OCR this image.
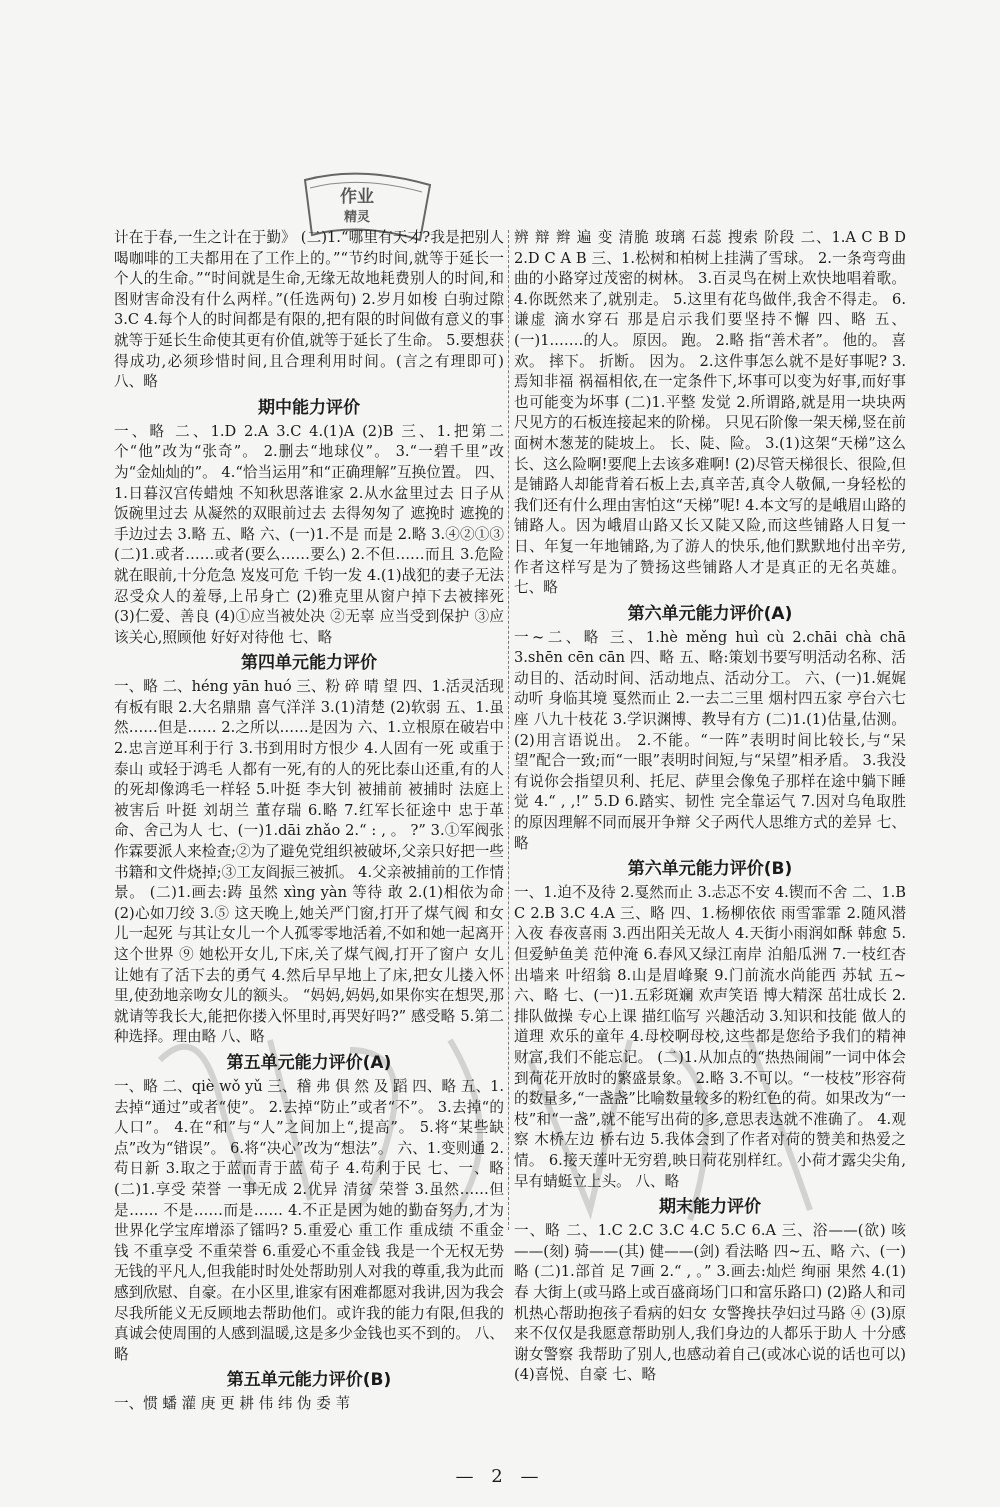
作业
精灵
计在于春,一生之计在于勤》 (二)1.“哪里有天才?我是把别人喝咖啡的工夫都用在了工作上的。”“节约时间,就等于延长一个人的生命。”“时间就是生命,无缘无故地耗费别人的时间,和图财害命没有什么两样。”(任选两句) 2.岁月如梭 白驹过隙 3.C 4.每个人的时间都是有限的,把有限的时间做有意义的事就等于延长生命使其更有价值,就等于延长了生命。 5.要想获得成功,必须珍惜时间,且合理利用时间。(言之有理即可) 八、略
期中能力评价
一、略 二、1.D 2.A 3.C 4.(1)A (2)B 三、1.把第二个“他”改为“张奇”。 2.删去“地球仪”。 3.“一碧千里”改为“金灿灿的”。 4.“恰当运用”和“正确理解”互换位置。 四、1.日暮汉宫传蜡烛 不知秋思落谁家 2.从水盆里过去 日子从饭碗里过去 从凝然的双眼前过去 去得匆匆了 遮挽时 遮挽的手边过去 3.略 五、略 六、(一)1.不是 而是 2.略 3.④②①③ (二)1.或者……或者(要么……要么) 2.不但……而且 3.危险就在眼前,十分危急 岌岌可危 千钧一发 4.(1)战犯的妻子无法忍受众人的羞辱,上吊身亡 (2)雅克里从窗户掉下去被摔死 (3)仁爱、善良 (4)①应当被处决 ②无辜 应当受到保护 ③应该关心,照顾他 好好对待他 七、略
第四单元能力评价
一、略 二、héng yān huó 三、粉 碎 晴 望 四、1.活灵活现 有板有眼 2.大名鼎鼎 喜气洋洋 3.(1)清楚 (2)软弱 五、1.虽然……但是…… 2.之所以……是因为 六、1.立根原在破岩中 2.忠言逆耳利于行 3.书到用时方恨少 4.人固有一死 或重于泰山 或轻于鸿毛 人都有一死,有的人的死比泰山还重,有的人的死却像鸿毛一样轻 5.叶挺 李大钊 被捕前 被捕时 法庭上 被害后 叶挺 刘胡兰 董存瑞 6.略 7.红军长征途中 忠于革命、舍己为人 七、(一)1.dāi zhǎo 2.“ : , 。 ?” 3.①军阀张作霖要派人来检查;②为了避免党组织被破坏,父亲只好把一些书籍和文件烧掉;③工友阎振三被抓。 4.父亲被捕前的工作情景。 (二)1.画去:踌 虽然 xìng yàn 等待 敢 2.(1)相依为命 (2)心如刀绞 3.⑤ 这天晚上,她关严门窗,打开了煤气阀 和女儿一起死 与其让女儿一个人孤零零地活着,不如和她一起离开这个世界 ⑨ 她松开女儿,下床,关了煤气阀,打开了窗户 女儿让她有了活下去的勇气 4.然后早早地上了床,把女儿搂入怀里,使劲地亲吻女儿的额头。 “妈妈,妈妈,如果你实在想哭,那就请等我长大,能把你搂入怀里时,再哭好吗?” 感受略 5.第二种选择。理由略 八、略
第五单元能力评价(A)
一、略 二、qiè wǒ yǔ 三、稽 弗 俱 然 及 蹈 四、略 五、1.去掉“通过”或者“使”。 2.去掉“防止”或者“不”。 3.去掉“的人口”。 4.在“和”与“人”之间加上“,提高”。 5.将“某些缺点”改为“错误”。 6.将“决心”改为“想法”。 六、1.变则通 2.苟日新 3.取之于蓝而青于蓝 荀子 4.苟利于民 七、一、略 (二)1.享受 荣誉 一事无成 2.优异 清贫 荣誉 3.虽然……但是…… 不是……而是…… 4.不正是因为她的勤奋努力,才为世界化学宝库增添了镭吗? 5.重爱心 重工作 重成绩 不重金钱 不重享受 不重荣誉 6.重爱心不重金钱 我是一个无权无势无钱的平凡人,但我能时时处处帮助别人对我的尊重,我为此而感到欣慰、自豪。在小区里,谁家有困难都愿对我讲,因为我会尽我所能义无反顾地去帮助他们。或许我的能力有限,但我的真诚会使周围的人感到温暖,这是多少金钱也买不到的。 八、略
第五单元能力评价(B)
一、惯 蟠 灌 庚 更 耕 伟 纬 伪 委 苇
辨 辩 辫 遍 变 清脆 玻璃 石蕊 搜索 阶段 二、1.A C B D 2.D C A B 三、1.松树和柏树上挂满了雪球。 2.一条弯弯曲曲的小路穿过茂密的树林。 3.百灵鸟在树上欢快地唱着歌。 4.你既然来了,就别走。 5.这里有花鸟做伴,我舍不得走。 6.谦虚 滴水穿石 那是启示我们要坚持不懈 四、略 五、(一)1.……的人。 原因。 跑。 2.略 指“善术者”。 他的。 喜欢。 摔下。 折断。 因为。 2.这件事怎么就不是好事呢? 3.焉知非福 祸福相依,在一定条件下,坏事可以变为好事,而好事也可能变为坏事 (二)1.平整 发觉 2.所谓路,就是用一块块两尺见方的石板连接起来的阶梯。 只见石阶像一架天梯,竖在前面树木葱茏的陡坡上。 长、陡、险。 3.(1)这架“天梯”这么长、这么险啊!要爬上去该多难啊! (2)尽管天梯很长、很险,但是铺路人却能背着石板上去,真辛苦,真令人敬佩,一身轻松的我们还有什么理由害怕这“天梯”呢! 4.本文写的是峨眉山路的铺路人。因为峨眉山路又长又陡又险,而这些铺路人日复一日、年复一年地铺路,为了游人的快乐,他们默默地付出辛劳,作者这样写是为了赞扬这些铺路人才是真正的无名英雄。 七、略
第六单元能力评价(A)
一~二、略 三、1.hè měng huì cù 2.chāi chà chā 3.shēn cēn cān 四、略 五、略:策划书要写明活动名称、活动目的、活动时间、活动地点、活动分工。 六、(一)1.娓娓动听 身临其境 戛然而止 2.一去二三里 烟村四五家 亭台六七座 八九十枝花 3.学识渊博、教导有方 (二)1.(1)估量,估测。 (2)用言语说出。 2.不能。“一阵”表明时间比较长,与“呆望”配合一致;而“一眼”表明时间短,与“呆望”相矛盾。 3.我没有说你会指望贝利、托尼、萨里会像兔子那样在途中躺下睡觉 4.“ , ,!” 5.D 6.踏实、韧性 完全靠运气 7.因对乌龟取胜的原因理解不同而展开争辩 父子两代人思维方式的差异 七、略
第六单元能力评价(B)
一、1.迫不及待 2.戛然而止 3.忐忑不安 4.锲而不舍 二、1.B C 2.B 3.C 4.A 三、略 四、1.杨柳依依 雨雪霏霏 2.随风潜入夜 春夜喜雨 3.西出阳关无故人 4.天街小雨润如酥 韩愈 5.但爱鲈鱼美 范仲淹 6.春风又绿江南岸 泊船瓜洲 7.一枝红杏出墙来 叶绍翁 8.山是眉峰聚 9.门前流水尚能西 苏轼 五~六、略 七、(一)1.五彩斑斓 欢声笑语 博大精深 茁壮成长 2.排队做操 专心上课 描红临写 兴趣活动 3.知识和技能 做人的道理 欢乐的童年 4.母校啊母校,这些都是您给予我们的精神财富,我们不能忘记。 (二)1.从加点的“热热闹闹”一词中体会到荷花开放时的繁盛景象。 2.略 3.不可以。“一枝枝”形容荷的数量多,“一盏盏”比喻数量较多的粉红色的荷。如果改为“一枝”和“一盏”,就不能写出荷的多,意思表达就不准确了。 4.观察 木桥左边 桥右边 5.我体会到了作者对荷的赞美和热爱之情。 6.接天莲叶无穷碧,映日荷花别样红。 小荷才露尖尖角,早有蜻蜓立上头。 八、略
期末能力评价
一、略 二、1.C 2.C 3.C 4.C 5.C 6.A 三、浴——(欲) 咳——(刻) 骑——(其) 健——(剑) 看法略 四~五、略 六、(一)略 (二)1.部首 足 7画 2.“ , 。” 3.画去:灿烂 绚丽 果然 4.(1)春 大街上(或马路上或百盛商场门口和富乐路口) (2)路人和司机热心帮助抱孩子看病的妇女 女警搀扶孕妇过马路 ④ (3)原来不仅仅是我愿意帮助别人,我们身边的人都乐于助人 十分感谢女警察 我帮助了别人,也感动着自己(或冰心说的话也可以) (4)喜悦、自豪 七、略
— 2 —
